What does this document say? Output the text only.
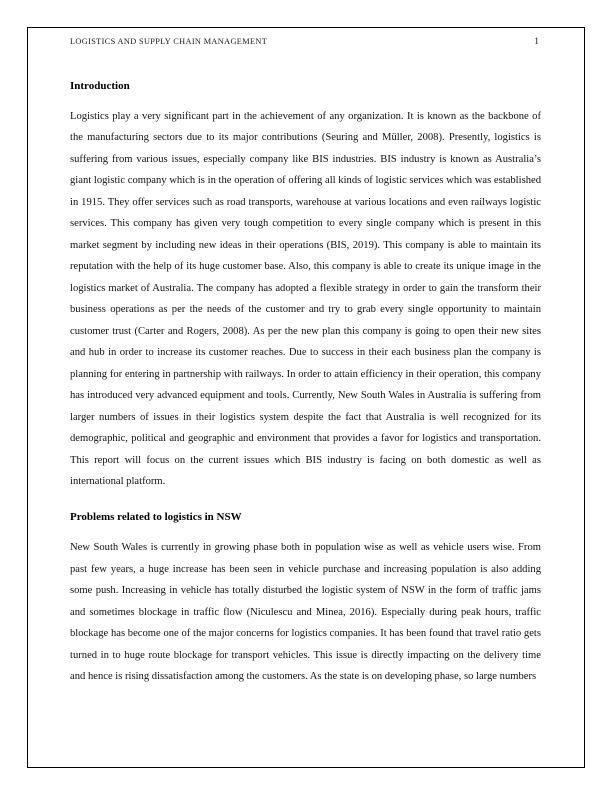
LOGISTICS AND SUPPLY CHAIN MANAGEMENT	1
Introduction

Logistics play a very significant part in the achievement of any organization. It is known as the backbone of the manufacturing sectors due to its major contributions (Seuring and Müller, 2008). Presently, logistics is suffering from various issues, especially company like BIS industries. BIS industry is known as Australia’s giant logistic company which is in the operation of offering all kinds of logistic services which was established in 1915. They offer services such as road transports, warehouse at various locations and even railways logistic services. This company has given very tough competition to every single company which is present in this market segment by including new ideas in their operations (BIS, 2019). This company is able to maintain its reputation with the help of its huge customer base. Also, this company is able to create its unique image in the logistics market of Australia. The company has adopted a flexible strategy in order to gain the transform their business operations as per the needs of the customer and try to grab every single opportunity to maintain customer trust (Carter and Rogers, 2008). As per the new plan this company is going to open their new sites and hub in order to increase its customer reaches. Due to success in their each business plan the company is planning for entering in partnership with railways. In order to attain efficiency in their operation, this company has introduced very advanced equipment and tools. Currently, New South Wales in Australia is suffering from larger numbers of issues in their logistics system despite the fact that Australia is well recognized for its demographic, political and geographic and environment that provides a favor for logistics and transportation. This report will focus on the current issues which BIS industry is facing on both domestic as well as international platform.

Problems related to logistics in NSW

New South Wales is currently in growing phase both in population wise as well as vehicle users wise. From past few years, a huge increase has been seen in vehicle purchase and increasing population is also adding some push. Increasing in vehicle has totally disturbed the logistic system of NSW in the form of traffic jams and sometimes blockage in traffic flow (Niculescu and Minea, 2016). Especially during peak hours, traffic blockage has become one of the major concerns for logistics companies. It has been found that travel ratio gets turned in to huge route blockage for transport vehicles. This issue is directly impacting on the delivery time and hence is rising dissatisfaction among the customers. As the state is on developing phase, so large numbers
